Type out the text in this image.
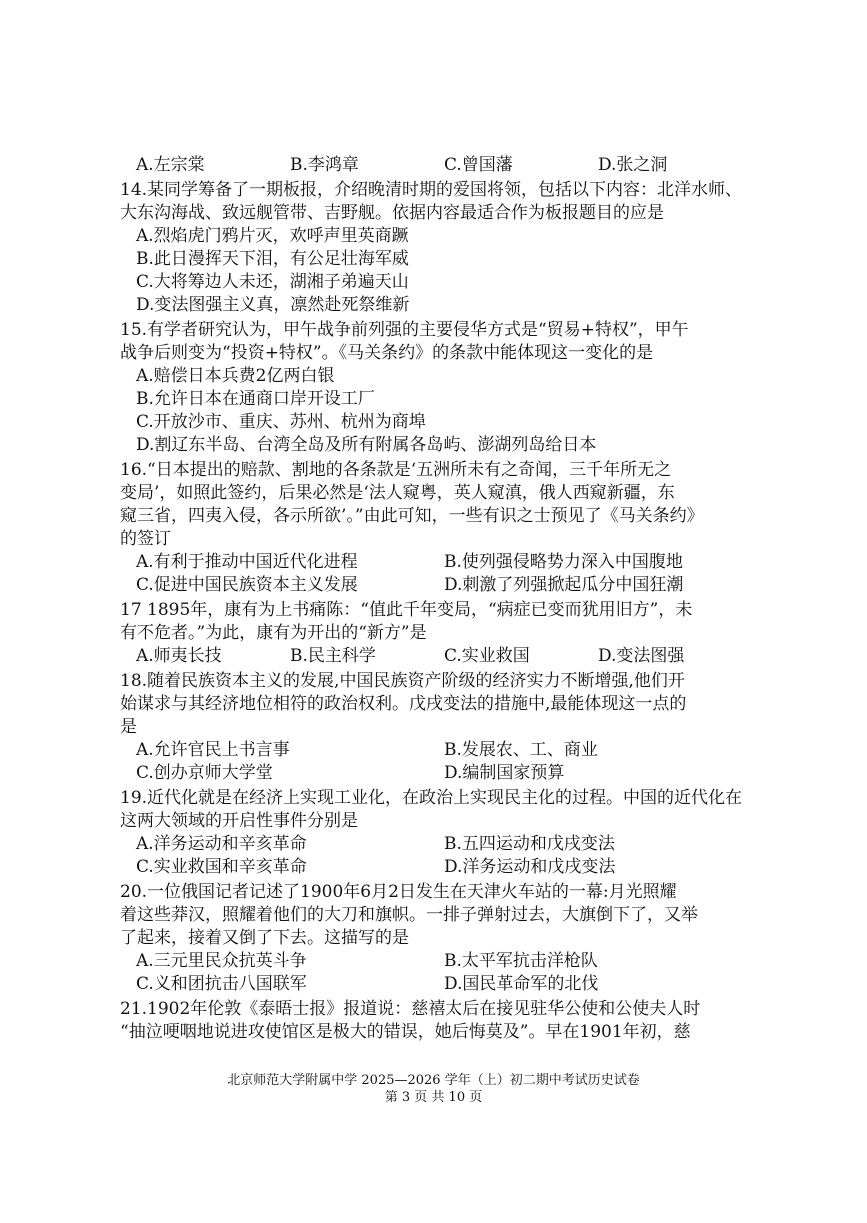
A.左宗棠	B.李鸿章	C.曾国藩	D.张之洞
14.某同学筹备了一期板报，介绍晚清时期的爱国将领，包括以下内容：北洋水师、
大东沟海战、致远舰管带、吉野舰。依据内容最适合作为板报题目的应是
A.烈焰虎门鸦片灭，欢呼声里英商蹶
B.此日漫挥天下泪，有公足壮海军威
C.大将筹边人未还，湖湘子弟遍天山
D.变法图强主义真，凛然赴死祭维新
15.有学者研究认为，甲午战争前列强的主要侵华方式是“贸易+特权”，甲午
战争后则变为“投资+特权”。《马关条约》的条款中能体现这一变化的是
A.赔偿日本兵费2亿两白银
B.允许日本在通商口岸开设工厂
C.开放沙市、重庆、苏州、杭州为商埠
D.割辽东半岛、台湾全岛及所有附属各岛屿、澎湖列岛给日本
16.“日本提出的赔款、割地的各条款是‘五洲所未有之奇闻，三千年所无之
变局’，如照此签约，后果必然是‘法人窥粤，英人窥滇，俄人西窥新疆，东
窥三省，四夷入侵，各示所欲’。”由此可知，一些有识之士预见了《马关条约》
的签订
A.有利于推动中国近代化进程	B.使列强侵略势力深入中国腹地
C.促进中国民族资本主义发展	D.刺激了列强掀起瓜分中国狂潮
17 1895年，康有为上书痛陈：“值此千年变局，“病症已变而犹用旧方”，未
有不危者。”为此，康有为开出的“新方”是
A.师夷长技	B.民主科学	C.实业救国	D.变法图强
18.随着民族资本主义的发展,中国民族资产阶级的经济实力不断增强,他们开
始谋求与其经济地位相符的政治权利。戊戌变法的措施中,最能体现这一点的
是
A.允许官民上书言事	B.发展农、工、商业
C.创办京师大学堂	D.编制国家预算
19.近代化就是在经济上实现工业化，在政治上实现民主化的过程。中国的近代化在
这两大领域的开启性事件分别是
A.洋务运动和辛亥革命	B.五四运动和戊戌变法
C.实业救国和辛亥革命	D.洋务运动和戊戌变法
20.一位俄国记者记述了1900年6月2日发生在天津火车站的一幕:月光照耀
着这些莽汉，照耀着他们的大刀和旗帜。一排子弹射过去，大旗倒下了，又举
了起来，接着又倒了下去。这描写的是
A.三元里民众抗英斗争	B.太平军抗击洋枪队
C.义和团抗击八国联军	D.国民革命军的北伐
21.1902年伦敦《泰晤士报》报道说：慈禧太后在接见驻华公使和公使夫人时
“抽泣哽咽地说进攻使馆区是极大的错误，她后悔莫及”。早在1901年初，慈
北京师范大学附属中学 2025—2026 学年（上）初二期中考试历史试卷
第 3 页 共 10 页
